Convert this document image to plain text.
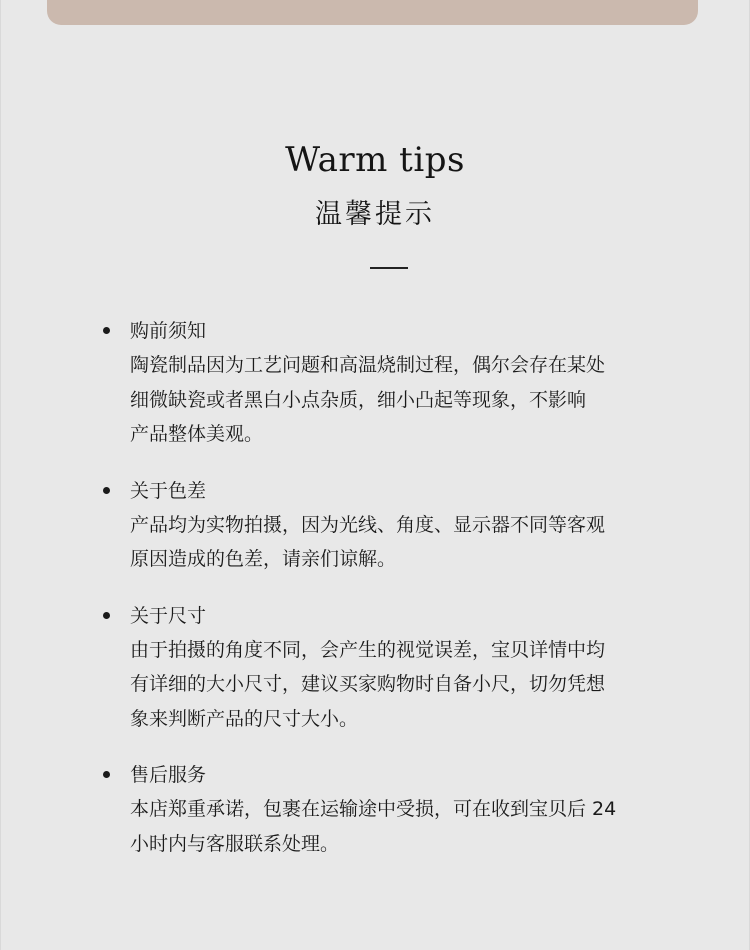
Warm tips
温馨提示
购前须知
陶瓷制品因为工艺问题和高温烧制过程，偶尔会存在某处
细微缺瓷或者黑白小点杂质，细小凸起等现象，不影响
产品整体美观。
关于色差
产品均为实物拍摄，因为光线、角度、显示器不同等客观
原因造成的色差，请亲们谅解。
关于尺寸
由于拍摄的角度不同，会产生的视觉误差，宝贝详情中均
有详细的大小尺寸，建议买家购物时自备小尺，切勿凭想
象来判断产品的尺寸大小。
售后服务
本店郑重承诺，包裹在运输途中受损，可在收到宝贝后 24
小时内与客服联系处理。
